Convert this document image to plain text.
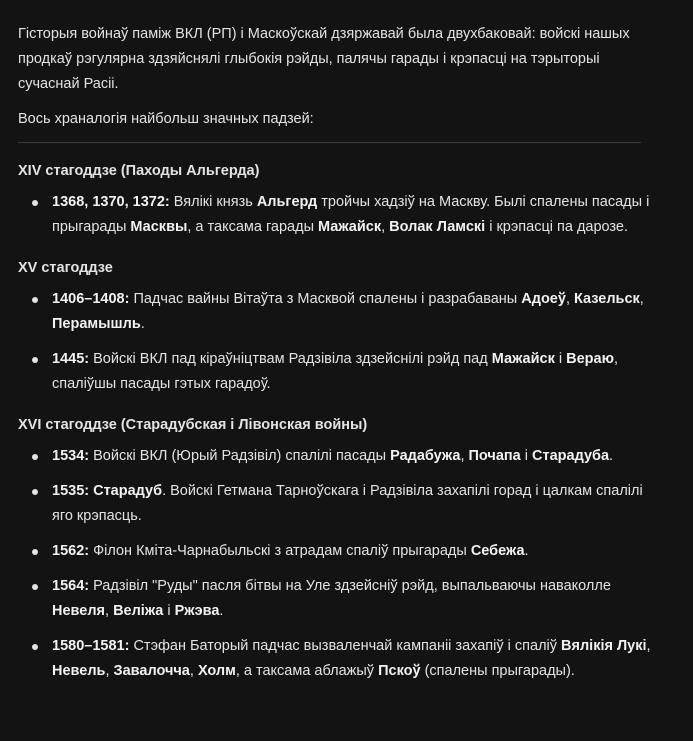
Гісторыя войнаў паміж ВКЛ (РП) і Маскоўскай дзяржавай была двухбаковай: войскі нашых продкаў рэгулярна здзяйснялі глыбокія рэйды, палячы гарады і крэпасці на тэрыторыі сучаснай Расіі.

Вось храналогія найбольш значных падзей:

XIV стагоддзе (Паходы Альгерда)
1368, 1370, 1372: Вялікі князь Альгерд тройчы хадзіў на Маскву. Былі спалены пасады і прыгарады Масквы, а таксама гарады Мажайск, Волак Ламскі і крэпасці па дарозе.
XV стагоддзе
1406–1408: Падчас вайны Вітаўта з Масквой спалены і разрабаваны Адоеў, Казельск, Перамышль.
1445: Войскі ВКЛ пад кіраўніцтвам Радзівіла здзейснілі рэйд пад Мажайск і Вераю, спаліўшы пасады гэтых гарадоў.
XVI стагоддзе (Старадубская і Лівонская войны)
1534: Войскі ВКЛ (Юрый Радзівіл) спалілі пасады Радабужа, Почапа і Старадуба.
1535: Старадуб. Войскі Гетмана Тарноўскага і Радзівіла захапілі горад і цалкам спалілі яго крэпасць.
1562: Філон Кміта-Чарнабыльскі з атрадам спаліў прыгарады Себежа.
1564: Радзівіл "Руды" пасля бітвы на Уле здзейсніў рэйд, выпальваючы наваколле Невеля, Веліжа і Ржэва.
1580–1581: Стэфан Баторый падчас вызваленчай кампаніі захапіў і спаліў Вялікія Лукі, Невель, Завалочча, Холм, а таксама аблажыў Пскоў (спалены прыгарады).
